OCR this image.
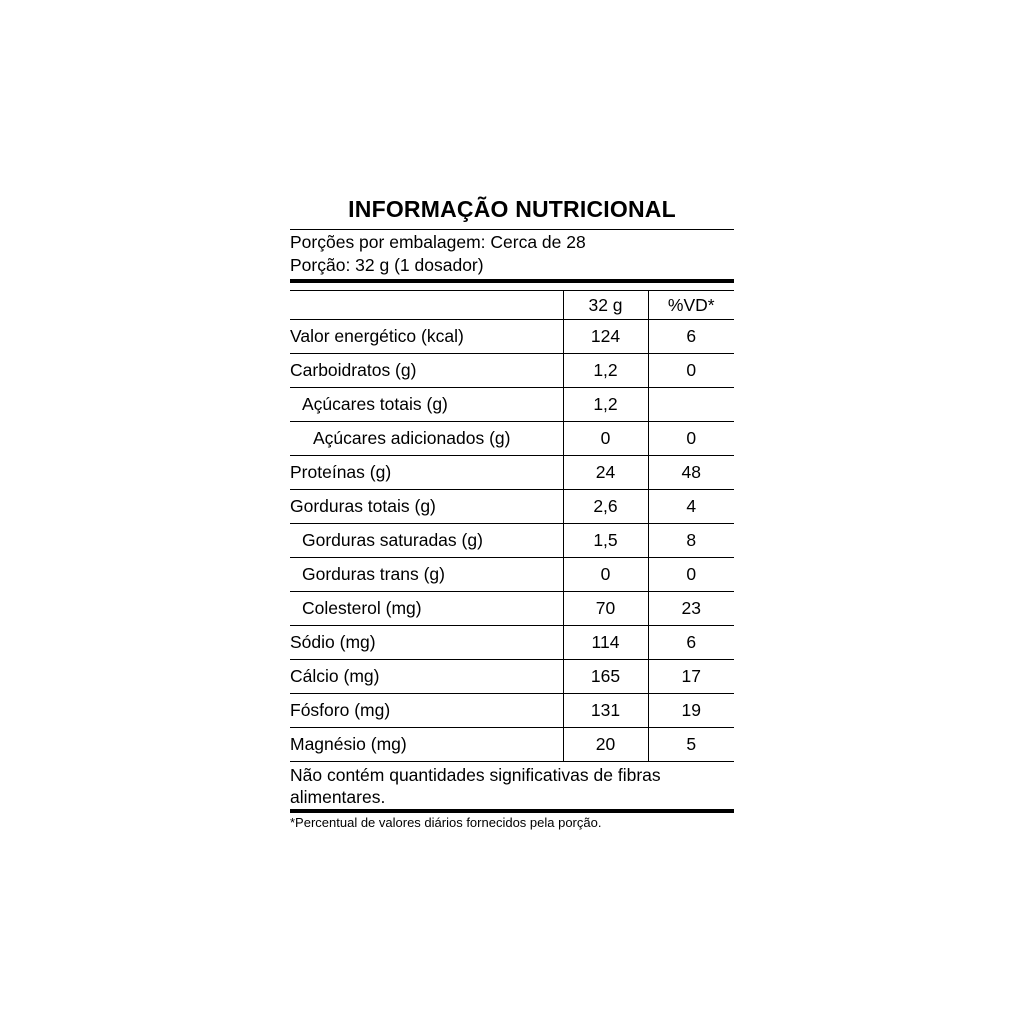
INFORMAÇÃO NUTRICIONAL
Porções por embalagem: Cerca de 28
Porção: 32 g (1 dosador)
	32 g	%VD*
Valor energético (kcal)	124	6
Carboidratos (g)	1,2	0
Açúcares totais (g)	1,2	
Açúcares adicionados (g)	0	0
Proteínas (g)	24	48
Gorduras totais (g)	2,6	4
Gorduras saturadas (g)	1,5	8
Gorduras trans (g)	0	0
Colesterol (mg)	70	23
Sódio (mg)	114	6
Cálcio (mg)	165	17
Fósforo (mg)	131	19
Magnésio (mg)	20	5
Não contém quantidades significativas de fibras alimentares.
*Percentual de valores diários fornecidos pela porção.
